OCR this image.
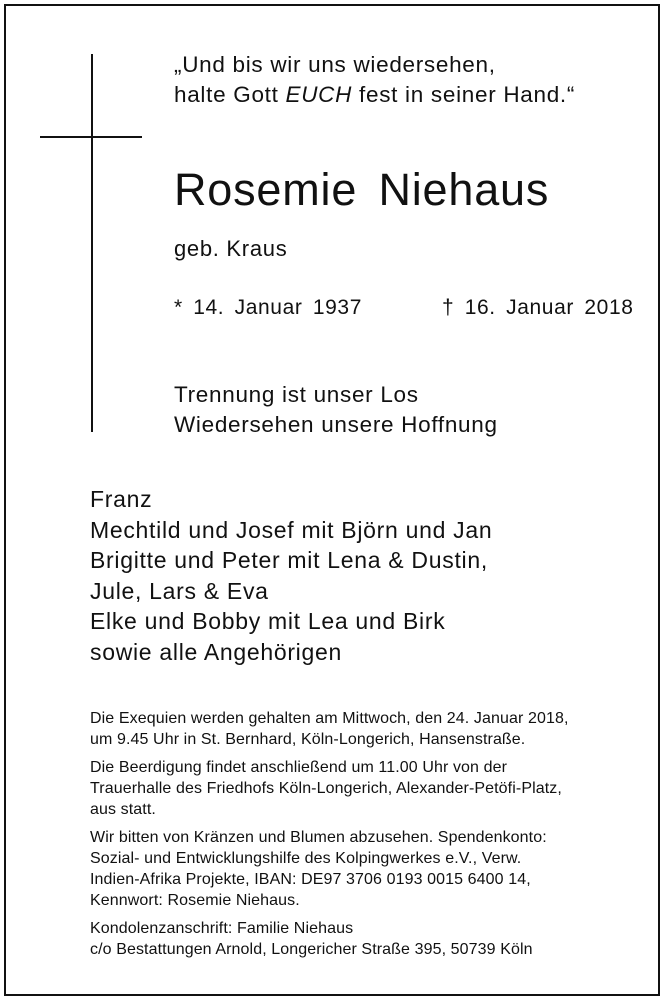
„Und bis wir uns wiedersehen,
halte Gott EUCH fest in seiner Hand.“
Rosemie Niehaus
geb. Kraus
* 14. Januar 1937	† 16. Januar 2018
Trennung ist unser Los
Wiedersehen unsere Hoffnung
Franz
Mechtild und Josef mit Björn und Jan
Brigitte und Peter mit Lena & Dustin,
Jule, Lars & Eva
Elke und Bobby mit Lea und Birk
sowie alle Angehörigen
Die Exequien werden gehalten am Mittwoch, den 24. Januar 2018,
um 9.45 Uhr in St. Bernhard, Köln-Longerich, Hansenstraße.
Die Beerdigung findet anschließend um 11.00 Uhr von der
Trauerhalle des Friedhofs Köln-Longerich, Alexander-Petöfi-Platz,
aus statt.
Wir bitten von Kränzen und Blumen abzusehen. Spendenkonto:
Sozial- und Entwicklungshilfe des Kolpingwerkes e.V., Verw.
Indien-Afrika Projekte, IBAN: DE97 3706 0193 0015 6400 14,
Kennwort: Rosemie Niehaus.
Kondolenzanschrift: Familie Niehaus
c/o Bestattungen Arnold, Longericher Straße 395, 50739 Köln
